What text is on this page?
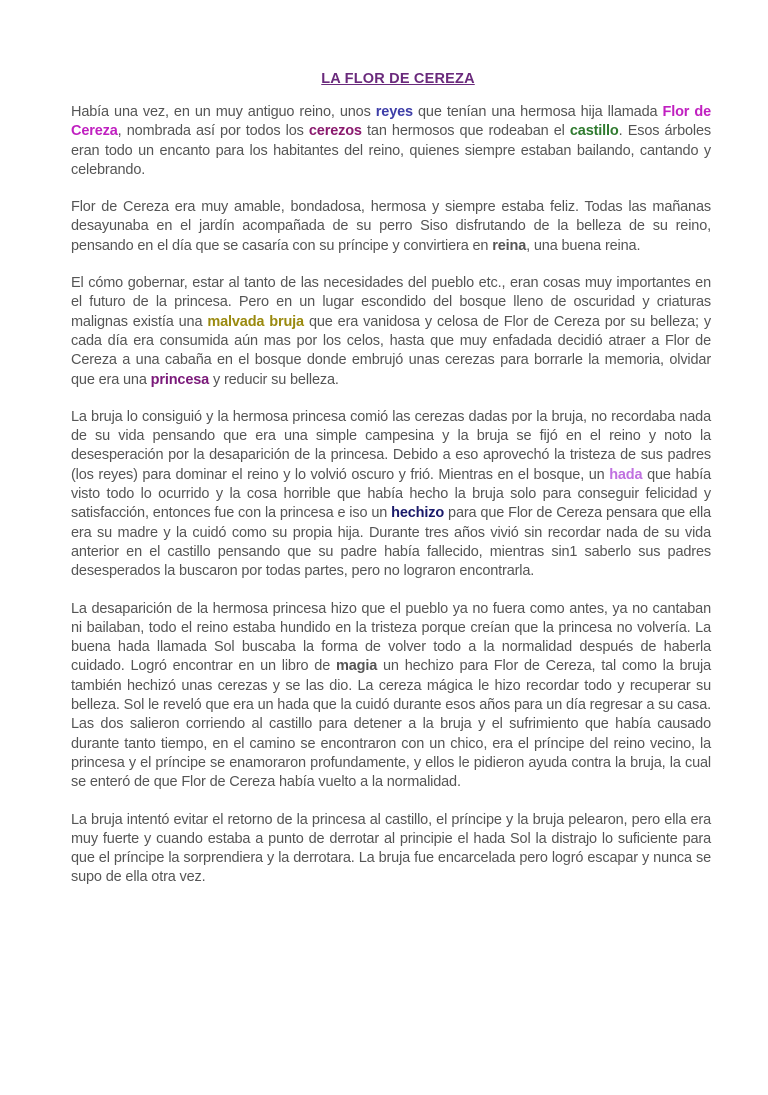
LA FLOR DE CEREZA

Había una vez, en un muy antiguo reino, unos reyes que tenían una hermosa hija llamada Flor de Cereza, nombrada así por todos los cerezos tan hermosos que rodeaban el castillo. Esos árboles eran todo un encanto para los habitantes del reino, quienes siempre estaban bailando, cantando y celebrando.

Flor de Cereza era muy amable, bondadosa, hermosa y siempre estaba feliz. Todas las mañanas desayunaba en el jardín acompañada de su perro Siso disfrutando de la belleza de su reino, pensando en el día que se casaría con su príncipe y convirtiera en reina, una buena reina.

El cómo gobernar, estar al tanto de las necesidades del pueblo etc., eran cosas muy importantes en el futuro de la princesa. Pero en un lugar escondido del bosque lleno de oscuridad y criaturas malignas existía una malvada bruja que era vanidosa y celosa de Flor de Cereza por su belleza; y cada día era consumida aún mas por los celos, hasta que muy enfadada decidió atraer a Flor de Cereza a una cabaña en el bosque donde embrujó unas cerezas para borrarle la memoria, olvidar que era una princesa y reducir su belleza.

La bruja lo consiguió y la hermosa princesa comió las cerezas dadas por la bruja, no recordaba nada de su vida pensando que era una simple campesina y la bruja se fijó en el reino y noto la desesperación por la desaparición de la princesa. Debido a eso aprovechó la tristeza de sus padres (los reyes) para dominar el reino y lo volvió oscuro y frió. Mientras en el bosque, un hada que había visto todo lo ocurrido y la cosa horrible que había hecho la bruja solo para conseguir felicidad y satisfacción, entonces fue con la princesa e iso un hechizo para que Flor de Cereza pensara que ella era su madre y la cuidó como su propia hija. Durante tres años vivió sin recordar nada de su vida anterior en el castillo pensando que su padre había fallecido, mientras sin1 saberlo sus padres desesperados la buscaron por todas partes, pero no lograron encontrarla.

La desaparición de la hermosa princesa hizo que el pueblo ya no fuera como antes, ya no cantaban ni bailaban, todo el reino estaba hundido en la tristeza porque creían que la princesa no volvería. La buena hada llamada Sol buscaba la forma de volver todo a la normalidad después de haberla cuidado. Logró encontrar en un libro de magia un hechizo para Flor de Cereza, tal como la bruja también hechizó unas cerezas y se las dio. La cereza mágica le hizo recordar todo y recuperar su belleza. Sol le reveló que era un hada que la cuidó durante esos años para un día regresar a su casa. Las dos salieron corriendo al castillo para detener a la bruja y el sufrimiento que había causado durante tanto tiempo, en el camino se encontraron con un chico, era el príncipe del reino vecino, la princesa y el príncipe se enamoraron profundamente, y ellos le pidieron ayuda contra la bruja, la cual se enteró de que Flor de Cereza había vuelto a la normalidad.

La bruja intentó evitar el retorno de la princesa al castillo, el príncipe y la bruja pelearon, pero ella era muy fuerte y cuando estaba a punto de derrotar al principie el hada Sol la distrajo lo suficiente para que el príncipe la sorprendiera y la derrotara. La bruja fue encarcelada pero logró escapar y nunca se supo de ella otra vez.
